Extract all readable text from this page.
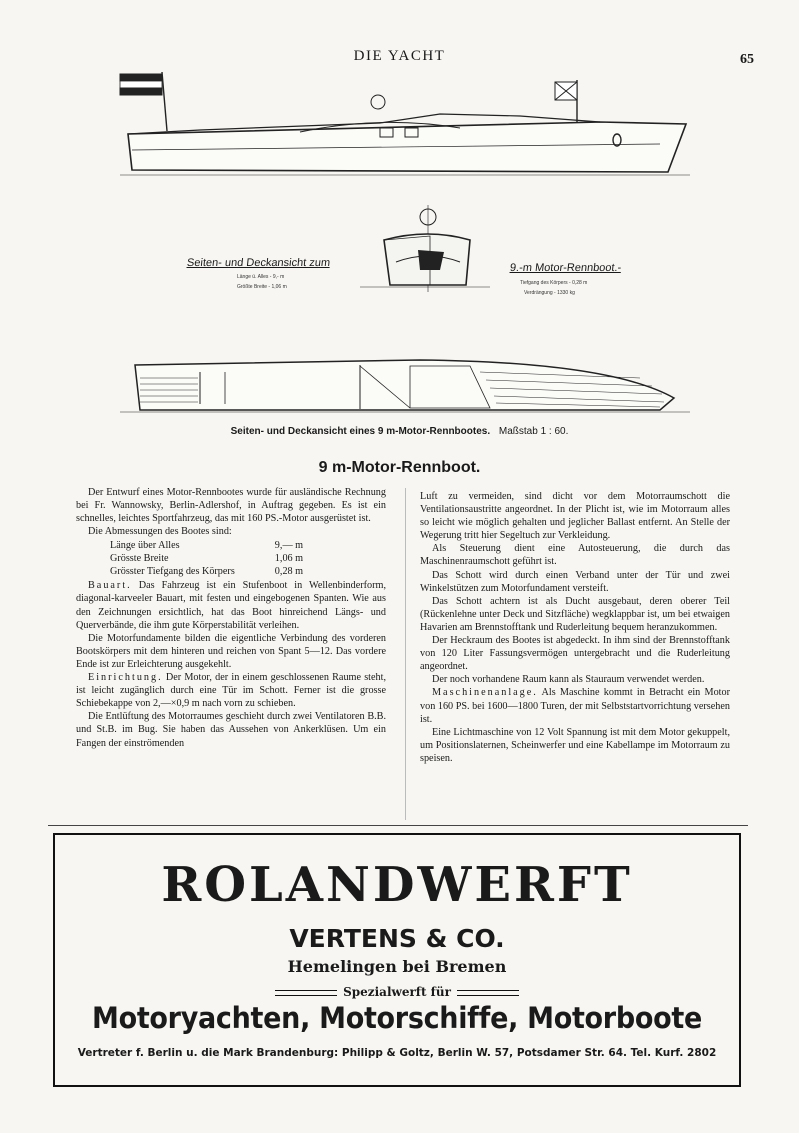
DIE YACHT	65
Seiten- und Deckansicht zum
Länge ü. Alles - 9,- m
Größte Breite - 1,06 m
9.-m Motor-Rennboot.-
Tiefgang des Körpers - 0,28 m
Verdrängung - 1330 kg
Seiten- und Deckansicht eines 9 m-Motor-Rennbootes. Maßstab 1 : 60.
9 m-Motor-Rennboot.

Der Entwurf eines Motor-Rennbootes wurde für ausländische Rechnung bei Fr. Wannowsky, Berlin-Adlershof, in Auftrag gegeben. Es ist ein schnelles, leichtes Sportfahrzeug, das mit 160 PS.-Motor ausgerüstet ist.

Die Abmessungen des Bootes sind:

Länge über Alles	9,— m
Grösste Breite	1,06 m
Grösster Tiefgang des Körpers	0,28 m

Bauart. Das Fahrzeug ist ein Stufenboot in Wellenbinderform, diagonal-karveeler Bauart, mit festen und eingebogenen Spanten. Wie aus den Zeichnungen ersichtlich, hat das Boot hinreichend Längs- und Querverbände, die ihm gute Körperstabilität verleihen.

Die Motorfundamente bilden die eigentliche Verbindung des vorderen Bootskörpers mit dem hinteren und reichen von Spant 5—12. Das vordere Ende ist zur Erleichterung ausgekehlt.

Einrichtung. Der Motor, der in einem geschlossenen Raume steht, ist leicht zugänglich durch eine Tür im Schott. Ferner ist die grosse Schiebekappe von 2,—×0,9 m nach vorn zu schieben.

Die Entlüftung des Motorraumes geschieht durch zwei Ventilatoren B.B. und St.B. im Bug. Sie haben das Aussehen von Ankerklüsen. Um ein Fangen der einströmenden

Luft zu vermeiden, sind dicht vor dem Motorraumschott die Ventilationsaustritte angeordnet. In der Plicht ist, wie im Motorraum alles so leicht wie möglich gehalten und jeglicher Ballast entfernt. An Stelle der Wegerung tritt hier Segeltuch zur Verkleidung.

Als Steuerung dient eine Autosteuerung, die durch das Maschinenraumschott geführt ist.

Das Schott wird durch einen Verband unter der Tür und zwei Winkelstützen zum Motorfundament versteift.

Das Schott achtern ist als Ducht ausgebaut, deren oberer Teil (Rückenlehne unter Deck und Sitzfläche) wegklappbar ist, um bei etwaigen Havarien am Brennstofftank und Ruderleitung bequem heranzukommen.

Der Heckraum des Bootes ist abgedeckt. In ihm sind der Brennstofftank von 120 Liter Fassungsvermögen untergebracht und die Ruderleitung angeordnet.

Der noch vorhandene Raum kann als Stauraum verwendet werden.

Maschinenanlage. Als Maschine kommt in Betracht ein Motor von 160 PS. bei 1600—1800 Turen, der mit Selbststartvorrichtung versehen ist.

Eine Lichtmaschine von 12 Volt Spannung ist mit dem Motor gekuppelt, um Positionslaternen, Scheinwerfer und eine Kabellampe im Motorraum zu speisen.

ROLANDWERFT
VERTENS & CO.
Hemelingen bei Bremen
Spezialwerft für
Motoryachten, Motorschiffe, Motorboote
Vertreter f. Berlin u. die Mark Brandenburg: Philipp & Goltz, Berlin W. 57, Potsdamer Str. 64. Tel. Kurf. 2802
